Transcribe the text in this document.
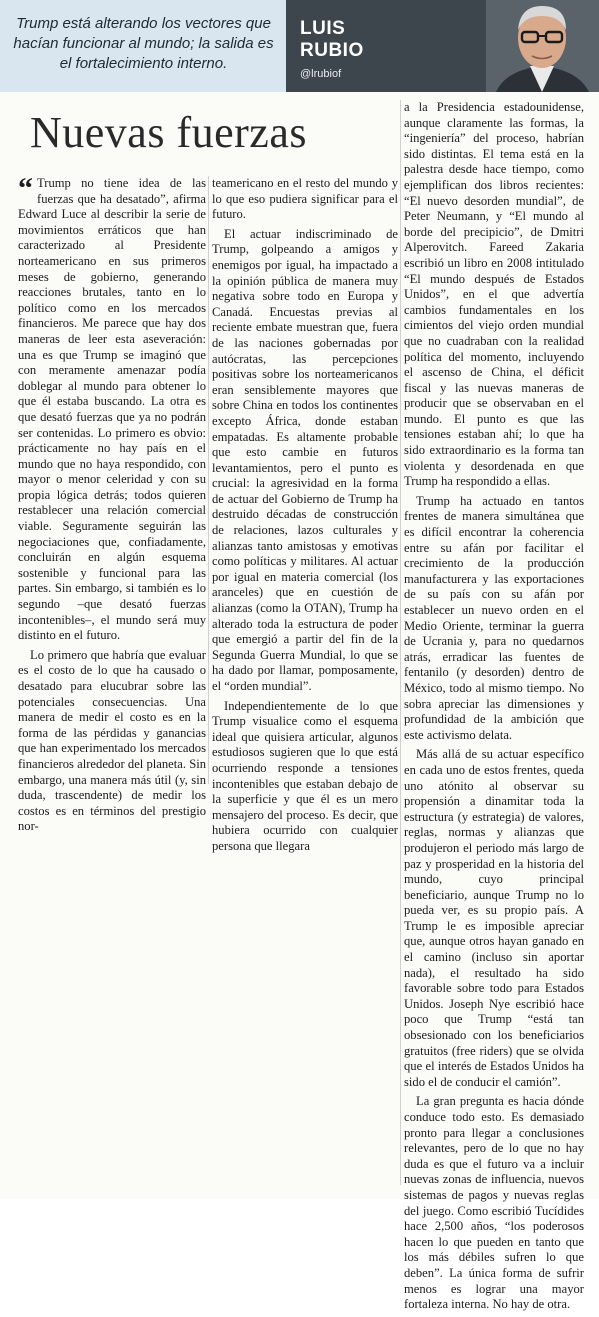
Trump está alterando los vectores que hacían funcionar al mundo; la salida es el fortalecimiento interno.
LUIS RUBIO
@lrubiof
Nuevas fuerzas

“ Trump no tiene idea de las fuerzas que ha desatado”, afirma Edward Luce al describir la serie de movimientos erráticos que han caracterizado al Presidente norteamericano en sus primeros meses de gobierno, generando reacciones brutales, tanto en lo político como en los mercados financieros. Me parece que hay dos maneras de leer esta aseveración: una es que Trump se imaginó que con meramente amenazar podía doblegar al mundo para obtener lo que él estaba buscando. La otra es que desató fuerzas que ya no podrán ser contenidas. Lo primero es obvio: prácticamente no hay país en el mundo que no haya respondido, con mayor o menor celeridad y con su propia lógica detrás; todos quieren restablecer una relación comercial viable. Seguramente seguirán las negociaciones que, confiadamente, concluirán en algún esquema sostenible y funcional para las partes. Sin embargo, si también es lo segundo –que desató fuerzas incontenibles–, el mundo será muy distinto en el futuro.

Lo primero que habría que evaluar es el costo de lo que ha causado o desatado para elucubrar sobre las potenciales consecuencias. Una manera de medir el costo es en la forma de las pérdidas y ganancias que han experimentado los mercados financieros alrededor del planeta. Sin embargo, una manera más útil (y, sin duda, trascendente) de medir los costos es en términos del prestigio nor-

teamericano en el resto del mundo y lo que eso pudiera significar para el futuro.

El actuar indiscriminado de Trump, golpeando a amigos y enemigos por igual, ha impactado a la opinión pública de manera muy negativa sobre todo en Europa y Canadá. Encuestas previas al reciente embate muestran que, fuera de las naciones gobernadas por autócratas, las percepciones positivas sobre los norteamericanos eran sensiblemente mayores que sobre China en todos los continentes excepto África, donde estaban empatadas. Es altamente probable que esto cambie en futuros levantamientos, pero el punto es crucial: la agresividad en la forma de actuar del Gobierno de Trump ha destruido décadas de construcción de relaciones, lazos culturales y alianzas tanto amistosas y emotivas como políticas y militares. Al actuar por igual en materia comercial (los aranceles) que en cuestión de alianzas (como la OTAN), Trump ha alterado toda la estructura de poder que emergió a partir del fin de la Segunda Guerra Mundial, lo que se ha dado por llamar, pomposamente, el “orden mundial”.

Independientemente de lo que Trump visualice como el esquema ideal que quisiera articular, algunos estudiosos sugieren que lo que está ocurriendo responde a tensiones incontenibles que estaban debajo de la superficie y que él es un mero mensajero del proceso. Es decir, que hubiera ocurrido con cualquier persona que llegara

a la Presidencia estadounidense, aunque claramente las formas, la “ingeniería” del proceso, habrían sido distintas. El tema está en la palestra desde hace tiempo, como ejemplifican dos libros recientes: “El nuevo desorden mundial”, de Peter Neumann, y “El mundo al borde del precipicio”, de Dmitri Alperovitch. Fareed Zakaria escribió un libro en 2008 intitulado “El mundo después de Estados Unidos”, en el que advertía cambios fundamentales en los cimientos del viejo orden mundial que no cuadraban con la realidad política del momento, incluyendo el ascenso de China, el déficit fiscal y las nuevas maneras de producir que se observaban en el mundo. El punto es que las tensiones estaban ahí; lo que ha sido extraordinario es la forma tan violenta y desordenada en que Trump ha respondido a ellas.

Trump ha actuado en tantos frentes de manera simultánea que es difícil encontrar la coherencia entre su afán por facilitar el crecimiento de la producción manufacturera y las exportaciones de su país con su afán por establecer un nuevo orden en el Medio Oriente, terminar la guerra de Ucrania y, para no quedarnos atrás, erradicar las fuentes de fentanilo (y desorden) dentro de México, todo al mismo tiempo. No sobra apreciar las dimensiones y profundidad de la ambición que este activismo delata.

Más allá de su actuar específico en cada uno de estos frentes, queda uno atónito al observar su propensión a dinamitar toda la estructura (y estrategia) de valores, reglas, normas y alianzas que produjeron el periodo más largo de paz y prosperidad en la historia del mundo, cuyo principal beneficiario, aunque Trump no lo pueda ver, es su propio país. A Trump le es imposible apreciar que, aunque otros hayan ganado en el camino (incluso sin aportar nada), el resultado ha sido favorable sobre todo para Estados Unidos. Joseph Nye escribió hace poco que Trump “está tan obsesionado con los beneficiarios gratuitos (free riders) que se olvida que el interés de Estados Unidos ha sido el de conducir el camión”.

La gran pregunta es hacia dónde conduce todo esto. Es demasiado pronto para llegar a conclusiones relevantes, pero de lo que no hay duda es que el futuro va a incluir nuevas zonas de influencia, nuevos sistemas de pagos y nuevas reglas del juego. Como escribió Tucídides hace 2,500 años, “los poderosos hacen lo que pueden en tanto que los más débiles sufren lo que deben”. La única forma de sufrir menos es lograr una mayor fortaleza interna. No hay de otra.
